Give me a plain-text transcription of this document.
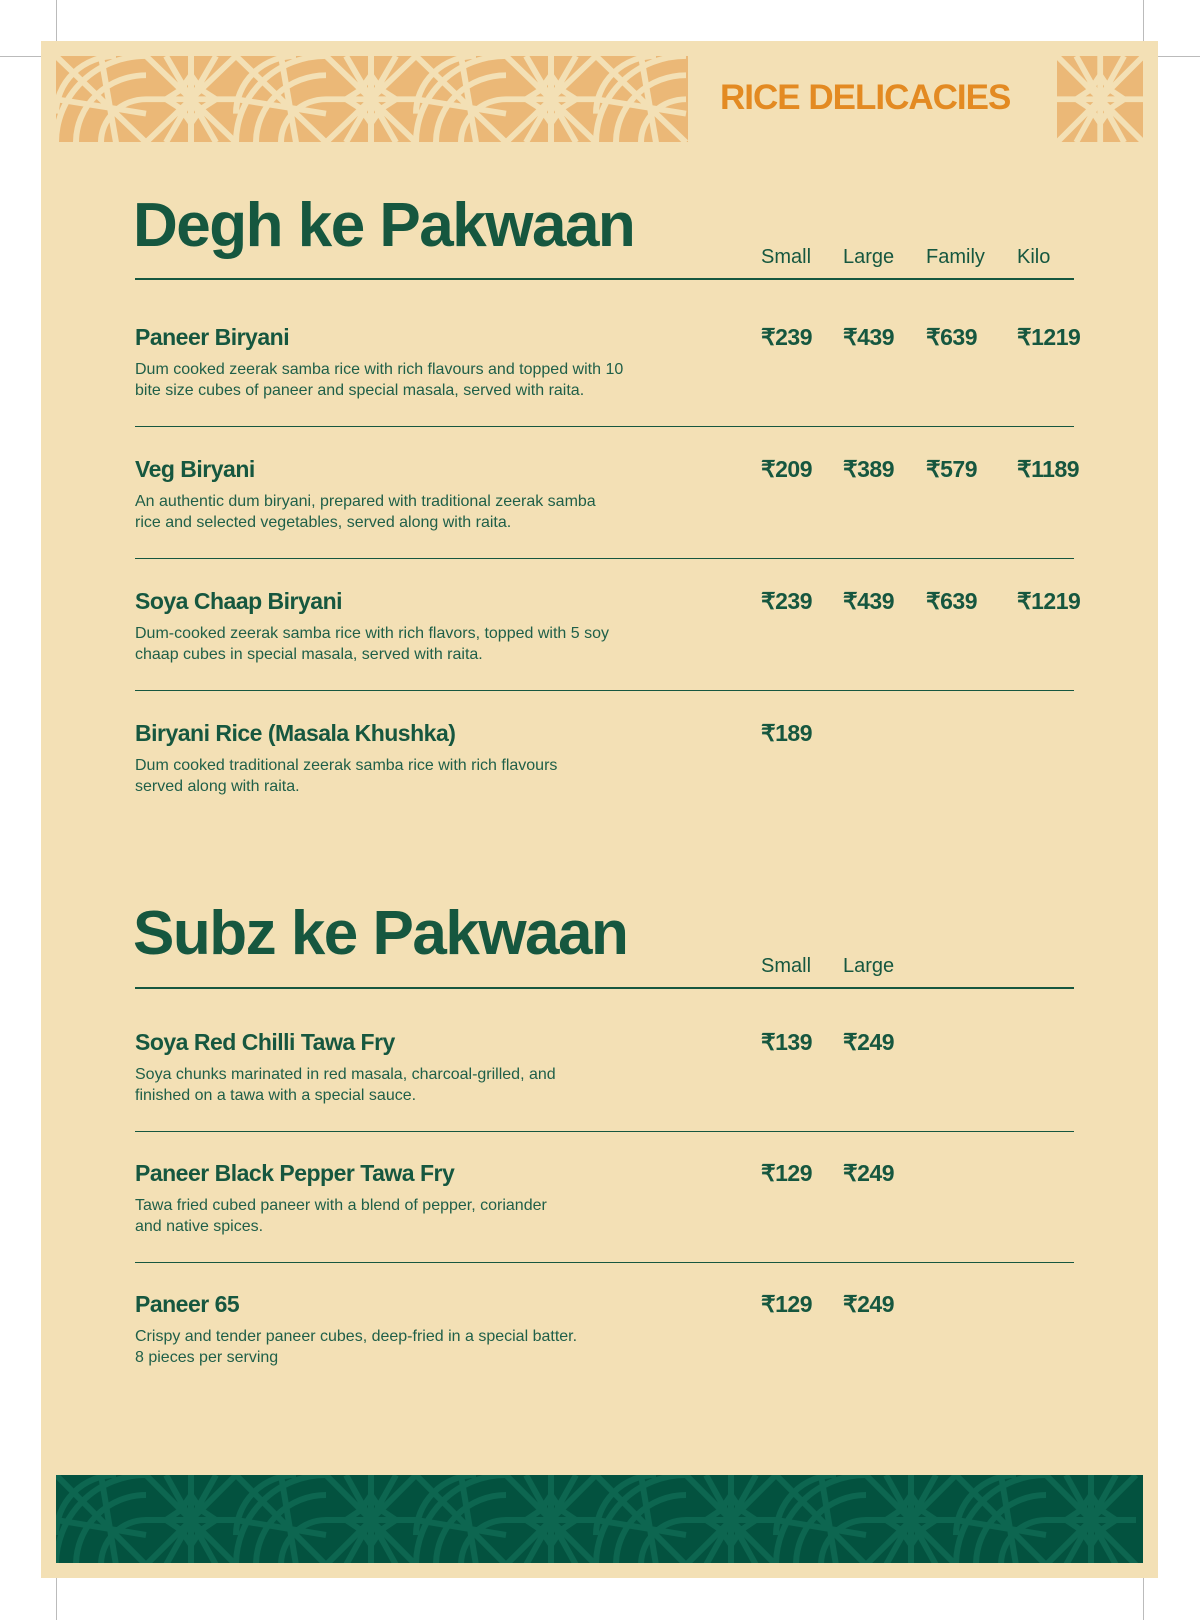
RICE DELICACIES
Degh ke Pakwaan	Small Large Family Kilo
Paneer Biryani
Dum cooked zeerak samba rice with rich flavours and topped with 10
bite size cubes of paneer and special masala, served with raita.
₹239 ₹439 ₹639 ₹1219
Veg Biryani
An authentic dum biryani, prepared with traditional zeerak samba
rice and selected vegetables, served along with raita.
₹209 ₹389 ₹579 ₹1189
Soya Chaap Biryani
Dum-cooked zeerak samba rice with rich flavors, topped with 5 soy
chaap cubes in special masala, served with raita.
₹239 ₹439 ₹639 ₹1219
Biryani Rice (Masala Khushka)
Dum cooked traditional zeerak samba rice with rich flavours
served along with raita.
₹189
Subz ke Pakwaan	Small Large
Soya Red Chilli Tawa Fry
Soya chunks marinated in red masala, charcoal-grilled, and
finished on a tawa with a special sauce.
₹139 ₹249
Paneer Black Pepper Tawa Fry
Tawa fried cubed paneer with a blend of pepper, coriander
and native spices.
₹129 ₹249
Paneer 65
Crispy and tender paneer cubes, deep-fried in a special batter.
8 pieces per serving
₹129 ₹249
